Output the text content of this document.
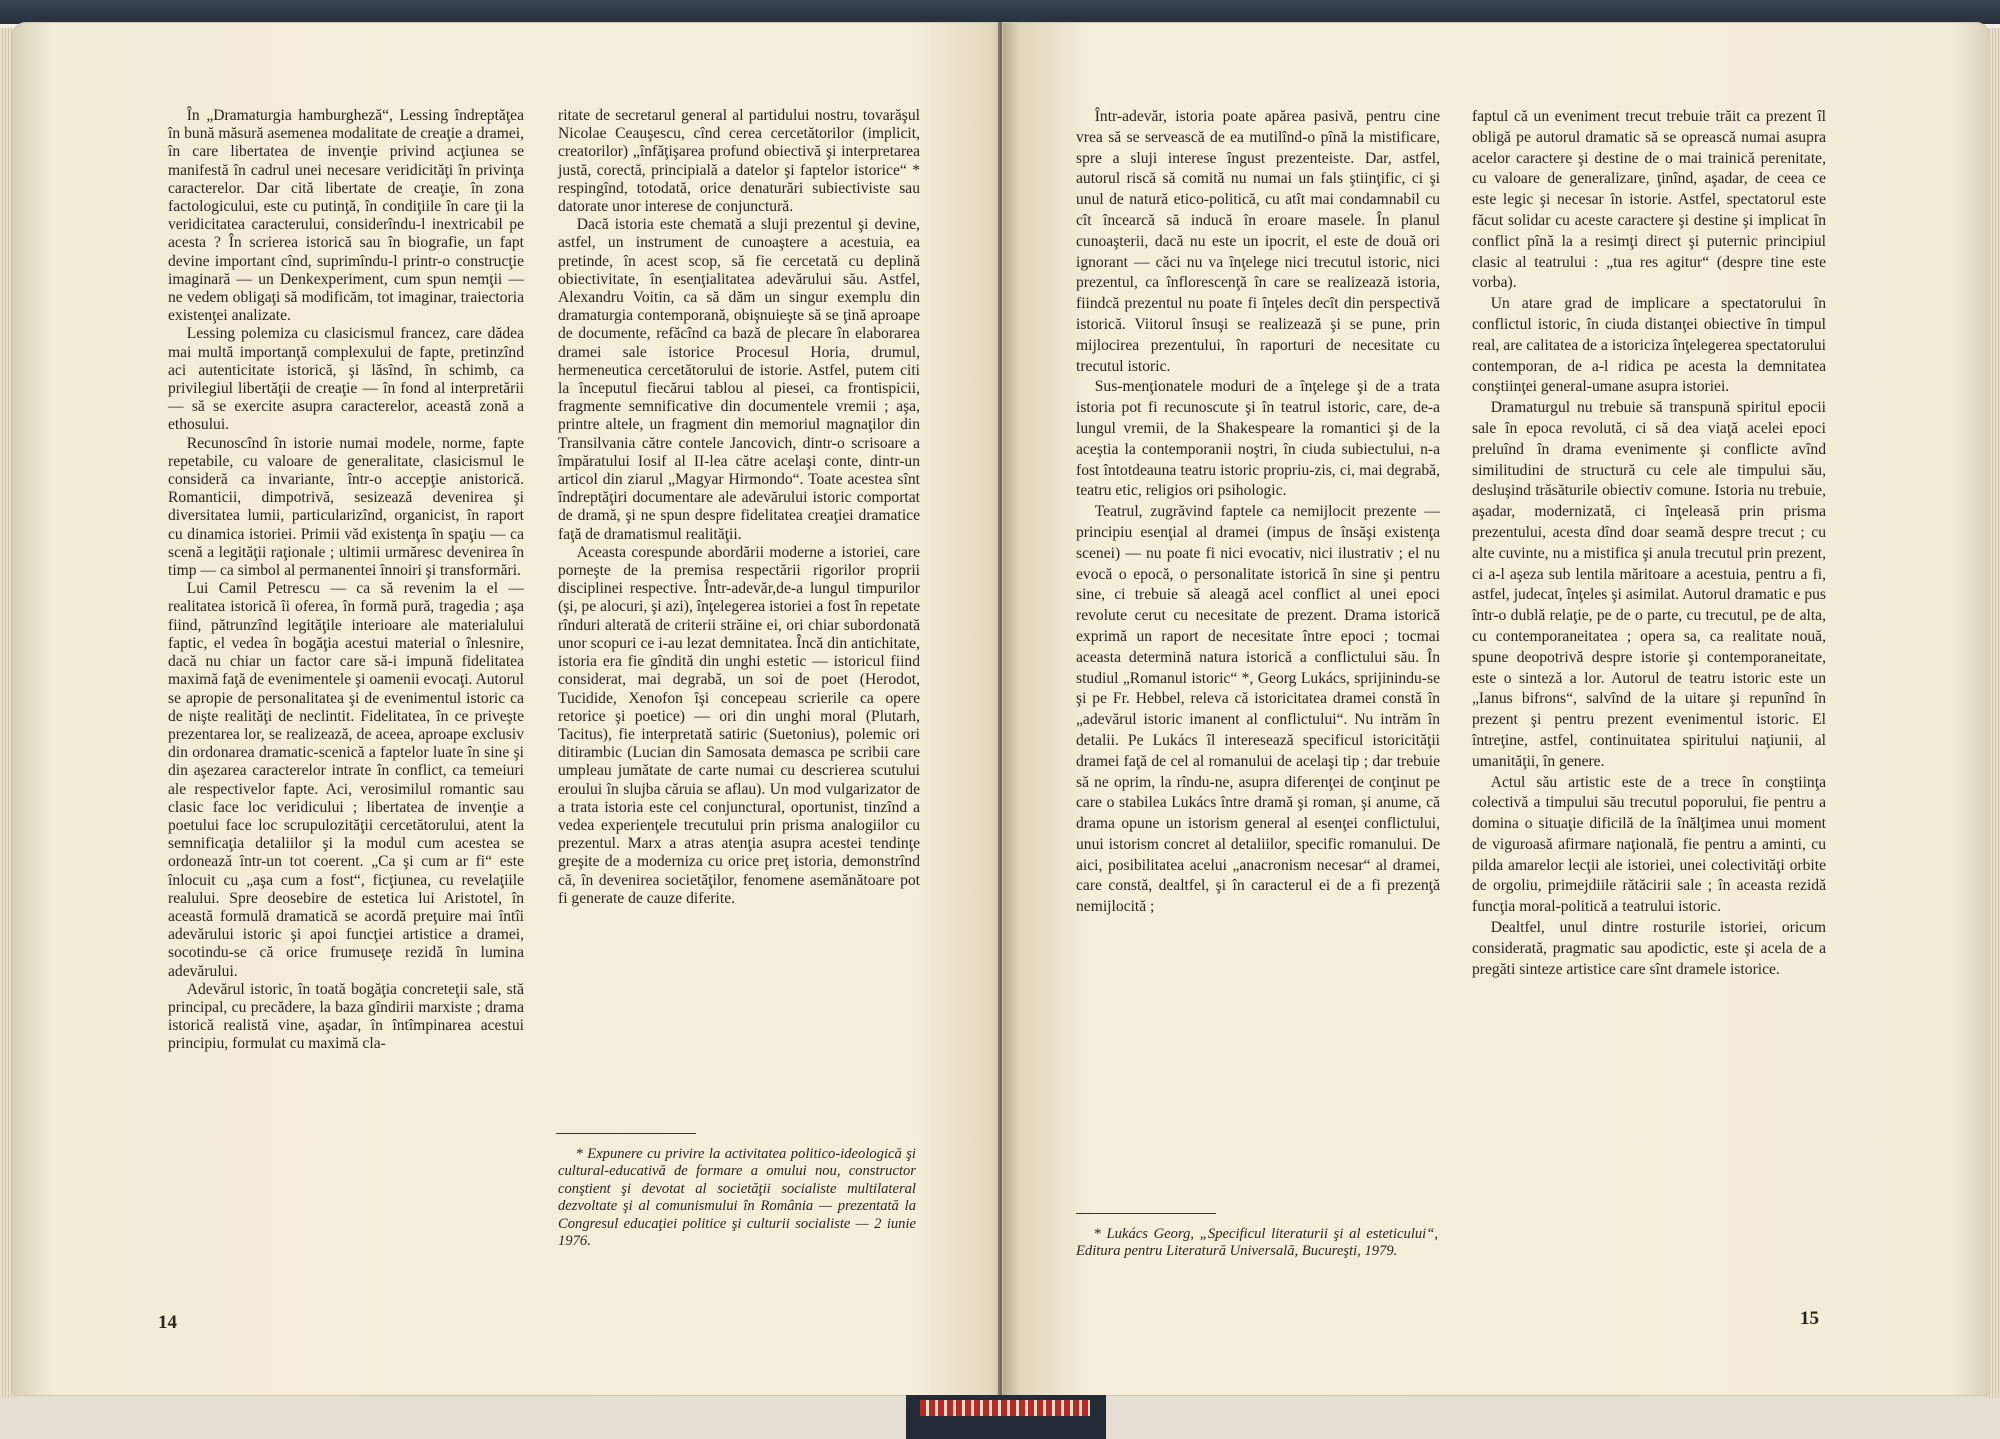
În „Dramaturgia hamburgheză“, Lessing îndreptăţea în bună măsură asemenea modalitate de creaţie a dramei, în care libertatea de invenţie privind acţiunea se manifestă în cadrul unei necesare veridicităţi în privinţa caracterelor. Dar cită libertate de creaţie, în zona factologicului, este cu putinţă, în condiţiile în care ţii la veridicitatea caracterului, considerîndu-l inextricabil pe acesta ? În scrierea istorică sau în biografie, un fapt devine important cînd, suprimîndu-l printr-o construcţie imaginară — un Denkexperiment, cum spun nemţii — ne vedem obligaţi să modificăm, tot imaginar, traiectoria existenţei analizate.

Lessing polemiza cu clasicismul francez, care dădea mai multă importanţă complexului de fapte, pretinzînd aci autenticitate istorică, şi lăsînd, în schimb, ca privilegiul libertăţii de creaţie — în fond al interpretării — să se exercite asupra caracterelor, această zonă a ethosului.

Recunoscînd în istorie numai modele, norme, fapte repetabile, cu valoare de generalitate, clasicismul le consideră ca invariante, într-o accepţie anistorică. Romanticii, dimpotrivă, sesizează devenirea şi diversitatea lumii, particularizînd, organicist, în raport cu dinamica istoriei. Primii văd existenţa în spaţiu — ca scenă a legităţii raţionale ; ultimii urmăresc devenirea în timp — ca simbol al permanentei înnoiri şi transformări.

Lui Camil Petrescu — ca să revenim la el — realitatea istorică îi oferea, în formă pură, tragedia ; aşa fiind, pătrunzînd legităţile interioare ale materialului faptic, el vedea în bogăţia acestui material o înlesnire, dacă nu chiar un factor care să-i impună fidelitatea maximă faţă de evenimentele şi oamenii evocaţi. Autorul se apropie de personalitatea şi de evenimentul istoric ca de nişte realităţi de neclintit. Fidelitatea, în ce priveşte prezentarea lor, se realizează, de aceea, aproape exclusiv din ordonarea dramatic-scenică a faptelor luate în sine şi din aşezarea caracterelor intrate în conflict, ca temeiuri ale respectivelor fapte. Aci, verosimilul romantic sau clasic face loc veridicului ; libertatea de invenţie a poetului face loc scrupulozităţii cercetătorului, atent la semnificaţia detaliilor şi la modul cum acestea se ordonează într-un tot coerent. „Ca şi cum ar fi“ este înlocuit cu „aşa cum a fost“, ficţiunea, cu revelaţiile realului. Spre deosebire de estetica lui Aristotel, în această formulă dramatică se acordă preţuire mai întîi adevărului istoric şi apoi funcţiei artistice a dramei, socotindu-se că orice frumuseţe rezidă în lumina adevărului.

Adevărul istoric, în toată bogăţia concreteţii sale, stă principal, cu precădere, la baza gîndirii marxiste ; drama istorică realistă vine, aşadar, în întîmpinarea acestui principiu, formulat cu maximă cla-

ritate de secretarul general al partidului nostru, tovarăşul Nicolae Ceauşescu, cînd cerea cercetătorilor (implicit, creatorilor) „înfăţişarea profund obiectivă şi interpretarea justă, corectă, principială a datelor şi faptelor istorice“ * respingînd, totodată, orice denaturări subiectiviste sau datorate unor interese de conjunctură.

Dacă istoria este chemată a sluji prezentul şi devine, astfel, un instrument de cunoaştere a acestuia, ea pretinde, în acest scop, să fie cercetată cu deplină obiectivitate, în esenţialitatea adevărului său. Astfel, Alexandru Voitin, ca să dăm un singur exemplu din dramaturgia contemporană, obişnuieşte să se ţină aproape de documente, refăcînd ca bază de plecare în elaborarea dramei sale istorice Procesul Horia, drumul, hermeneutica cercetătorului de istorie. Astfel, putem citi la începutul fiecărui tablou al piesei, ca frontispicii, fragmente semnificative din documentele vremii ; aşa, printre altele, un fragment din memoriul magnaţilor din Transilvania către contele Jancovich, dintr-o scrisoare a împăratului Iosif al II-lea către acelaşi conte, dintr-un articol din ziarul „Magyar Hirmondo“. Toate acestea sînt îndreptăţiri documentare ale adevărului istoric comportat de dramă, şi ne spun despre fidelitatea creaţiei dramatice faţă de dramatismul realităţii.

Aceasta corespunde abordării moderne a istoriei, care porneşte de la premisa respectării rigorilor proprii disciplinei respective. Într-adevăr,de-a lungul timpurilor (şi, pe alocuri, şi azi), înţelegerea istoriei a fost în repetate rînduri alterată de criterii străine ei, ori chiar subordonată unor scopuri ce i-au lezat demnitatea. Încă din antichitate, istoria era fie gîndită din unghi estetic — istoricul fiind considerat, mai degrabă, un soi de poet (Herodot, Tucidide, Xenofon îşi concepeau scrierile ca opere retorice şi poetice) — ori din unghi moral (Plutarh, Tacitus), fie interpretată satiric (Suetonius), polemic ori ditirambic (Lucian din Samosata demasca pe scribii care umpleau jumătate de carte numai cu descrierea scutului eroului în slujba căruia se aflau). Un mod vulgarizator de a trata istoria este cel conjunctural, oportunist, tinzînd a vedea experienţele trecutului prin prisma analogiilor cu prezentul. Marx a atras atenţia asupra acestei tendinţe greşite de a moderniza cu orice preţ istoria, demonstrînd că, în devenirea societăţilor, fenomene asemănătoare pot fi generate de cauze diferite.

* Expunere cu privire la activitatea politico-ideologică şi cultural-educativă de formare a omului nou, constructor conştient şi devotat al societăţii socialiste multilateral dezvoltate şi al comunismului în România — prezentată la Congresul educaţiei politice şi culturii socialiste — 2 iunie 1976.

14

Într-adevăr, istoria poate apărea pasivă, pentru cine vrea să se servească de ea mutilînd-o pînă la mistificare, spre a sluji interese îngust prezenteiste. Dar, astfel, autorul riscă să comită nu numai un fals ştiinţific, ci şi unul de natură etico-politică, cu atît mai condamnabil cu cît încearcă să inducă în eroare masele. În planul cunoaşterii, dacă nu este un ipocrit, el este de două ori ignorant — căci nu va înţelege nici trecutul istoric, nici prezentul, ca înflorescenţă în care se realizează istoria, fiindcă prezentul nu poate fi înţeles decît din perspectivă istorică. Viitorul însuşi se realizează şi se pune, prin mijlocirea prezentului, în raporturi de necesitate cu trecutul istoric.

Sus-menţionatele moduri de a înţelege şi de a trata istoria pot fi recunoscute şi în teatrul istoric, care, de-a lungul vremii, de la Shakespeare la romantici şi de la aceştia la contemporanii noştri, în ciuda subiectului, n-a fost întotdeauna teatru istoric propriu-zis, ci, mai degrabă, teatru etic, religios ori psihologic.

Teatrul, zugrăvind faptele ca nemijlocit prezente — principiu esenţial al dramei (impus de însăşi existenţa scenei) — nu poate fi nici evocativ, nici ilustrativ ; el nu evocă o epocă, o personalitate istorică în sine şi pentru sine, ci trebuie să aleagă acel conflict al unei epoci revolute cerut cu necesitate de prezent. Drama istorică exprimă un raport de necesitate între epoci ; tocmai aceasta determină natura istorică a conflictului său. În studiul „Romanul istoric“ *, Georg Lukács, sprijinindu-se şi pe Fr. Hebbel, releva că istoricitatea dramei constă în „adevărul istoric imanent al conflictului“. Nu intrăm în detalii. Pe Lukács îl interesează specificul istoricităţii dramei faţă de cel al romanului de acelaşi tip ; dar trebuie să ne oprim, la rîndu-ne, asupra diferenţei de conţinut pe care o stabilea Lukács între dramă şi roman, şi anume, că drama opune un istorism general al esenţei conflictului, unui istorism concret al detaliilor, specific romanului. De aici, posibilitatea acelui „anacronism necesar“ al dramei, care constă, dealtfel, şi în caracterul ei de a fi prezenţă nemijlocită ;

faptul că un eveniment trecut trebuie trăit ca prezent îl obligă pe autorul dramatic să se oprească numai asupra acelor caractere şi destine de o mai trainică perenitate, cu valoare de generalizare, ţinînd, aşadar, de ceea ce este legic şi necesar în istorie. Astfel, spectatorul este făcut solidar cu aceste caractere şi destine şi implicat în conflict pînă la a resimţi direct şi puternic principiul clasic al teatrului : „tua res agitur“ (despre tine este vorba).

Un atare grad de implicare a spectatorului în conflictul istoric, în ciuda distanţei obiective în timpul real, are calitatea de a istoriciza înţelegerea spectatorului contemporan, de a-l ridica pe acesta la demnitatea conştiinţei general-umane asupra istoriei.

Dramaturgul nu trebuie să transpună spiritul epocii sale în epoca revolută, ci să dea viaţă acelei epoci preluînd în drama evenimente şi conflicte avînd similitudini de structură cu cele ale timpului său, desluşind trăsăturile obiectiv comune. Istoria nu trebuie, aşadar, modernizată, ci înţeleasă prin prisma prezentului, acesta dînd doar seamă despre trecut ; cu alte cuvinte, nu a mistifica şi anula trecutul prin prezent, ci a-l aşeza sub lentila măritoare a acestuia, pentru a fi, astfel, judecat, înţeles şi asimilat. Autorul dramatic e pus într-o dublă relaţie, pe de o parte, cu trecutul, pe de alta, cu contemporaneitatea ; opera sa, ca realitate nouă, spune deopotrivă despre istorie şi contemporaneitate, este o sinteză a lor. Autorul de teatru istoric este un „Ianus bifrons“, salvînd de la uitare şi repunînd în prezent şi pentru prezent evenimentul istoric. El întreţine, astfel, continuitatea spiritului naţiunii, al umanităţii, în genere.

Actul său artistic este de a trece în conştiinţa colectivă a timpului său trecutul poporului, fie pentru a domina o situaţie dificilă de la înălţimea unui moment de viguroasă afirmare naţională, fie pentru a aminti, cu pilda amarelor lecţii ale istoriei, unei colectivităţi orbite de orgoliu, primejdiile rătăcirii sale ; în aceasta rezidă funcţia moral-politică a teatrului istoric.

Dealtfel, unul dintre rosturile istoriei, oricum considerată, pragmatic sau apodictic, este şi acela de a pregăti sinteze artistice care sînt dramele istorice.

* Lukács Georg, „Specificul literaturii şi al esteticului“, Editura pentru Literatură Universală, Bucureşti, 1979.

15
